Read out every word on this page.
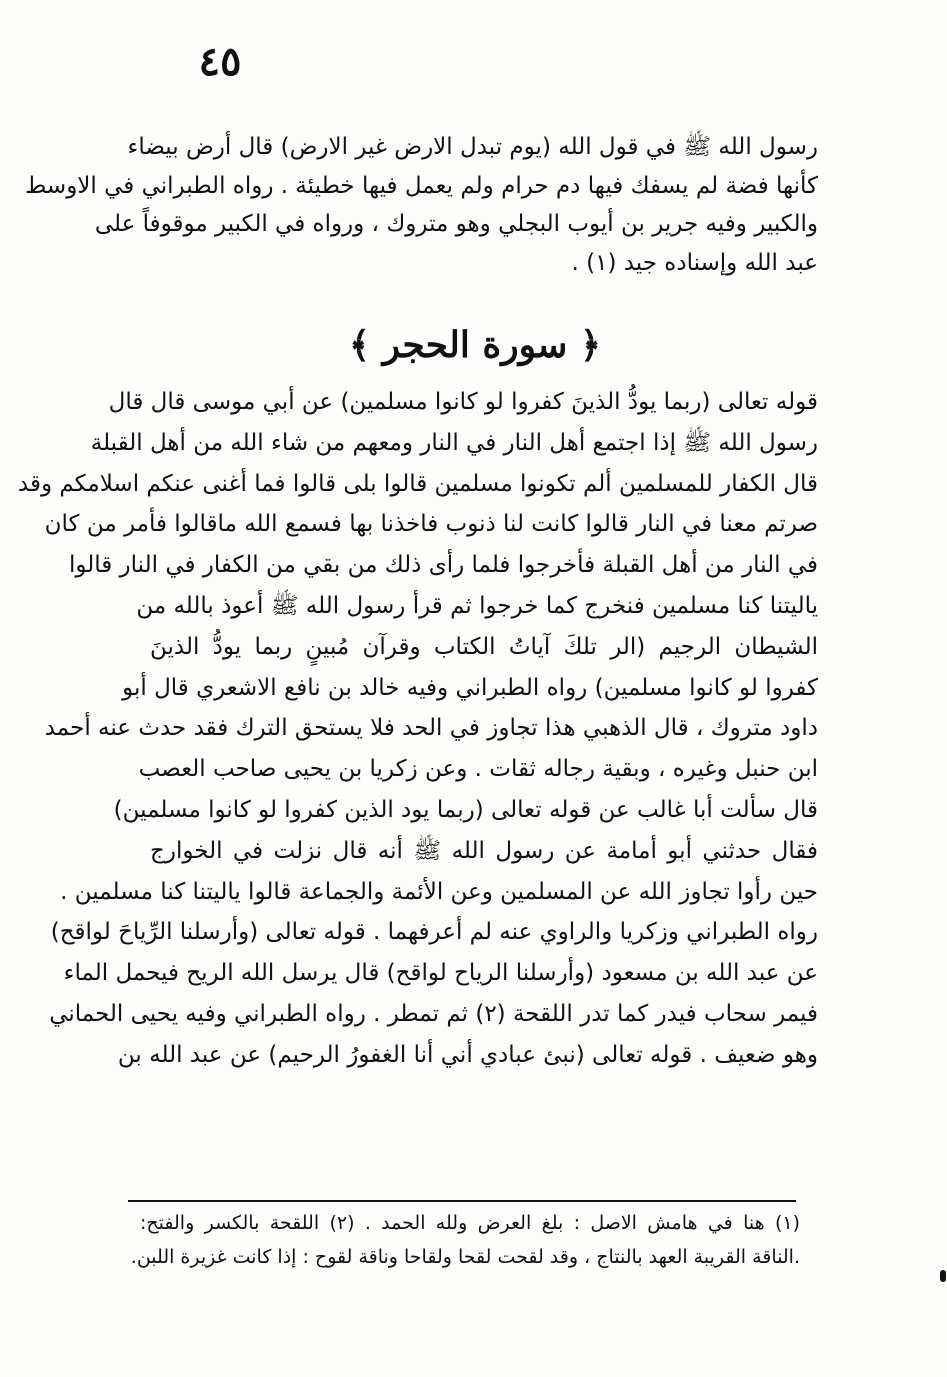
٤٥
رسول الله ﷺ في قول الله (يوم تبدل الارض غير الارض) قال أرض بيضاء
كأنها فضة لم يسفك فيها دم حرام ولم يعمل فيها خطيئة . رواه الطبراني في الاوسط
والكبير وفيه جرير بن أيوب البجلي وهو متروك ، ورواه في الكبير موقوفاً على
عبد الله وإسناده جيد (١) .
﴿ سورة الحجر ﴾
قوله تعالى (ربما يودُّ الذينَ كفروا لو كانوا مسلمين) عن أبي موسى قال قال
رسول الله ﷺ إذا اجتمع أهل النار في النار ومعهم من شاء الله من أهل القبلة
قال الكفار للمسلمين ألم تكونوا مسلمين قالوا بلى قالوا فما أغنى عنكم اسلامكم وقد
صرتم معنا في النار قالوا كانت لنا ذنوب فاخذنا بها فسمع الله ماقالوا فأمر من كان
في النار من أهل القبلة فأخرجوا فلما رأى ذلك من بقي من الكفار في النار قالوا
ياليتنا كنا مسلمين فنخرج كما خرجوا ثم قرأ رسول الله ﷺ أعوذ بالله من
الشيطان الرجيم (الر تلكَ آياتُ الكتاب وقرآن مُبينٍ ربما يودُّ الذينَ
كفروا لو كانوا مسلمين) رواه الطبراني وفيه خالد بن نافع الاشعري قال أبو
داود متروك ، قال الذهبي هذا تجاوز في الحد فلا يستحق الترك فقد حدث عنه أحمد
ابن حنبل وغيره ، وبقية رجاله ثقات . وعن زكريا بن يحيى صاحب العصب
قال سألت أبا غالب عن قوله تعالى (ربما يود الذين كفروا لو كانوا مسلمين)
فقال حدثني أبو أمامة عن رسول الله ﷺ أنه قال نزلت في الخوارج
حين رأوا تجاوز الله عن المسلمين وعن الأئمة والجماعة قالوا ياليتنا كنا مسلمين .
رواه الطبراني وزكريا والراوي عنه لم أعرفهما . قوله تعالى (وأرسلنا الرِّياحَ لواقح)
عن عبد الله بن مسعود (وأرسلنا الرياح لواقح) قال يرسل الله الريح فيحمل الماء
فيمر سحاب فيدر كما تدر اللقحة (٢) ثم تمطر . رواه الطبراني وفيه يحيى الحماني
وهو ضعيف . قوله تعالى (نبئ عبادي أني أنا الغفورُ الرحيم) عن عبد الله بن
(١) هنا في هامش الاصل : بلغ العرض ولله الحمد . (٢) اللقحة بالكسر والفتح:
.الناقة القريبة العهد بالنتاج ، وقد لقحت لقحا ولقاحا وناقة لقوح : إذا كانت غزيرة اللبن.
